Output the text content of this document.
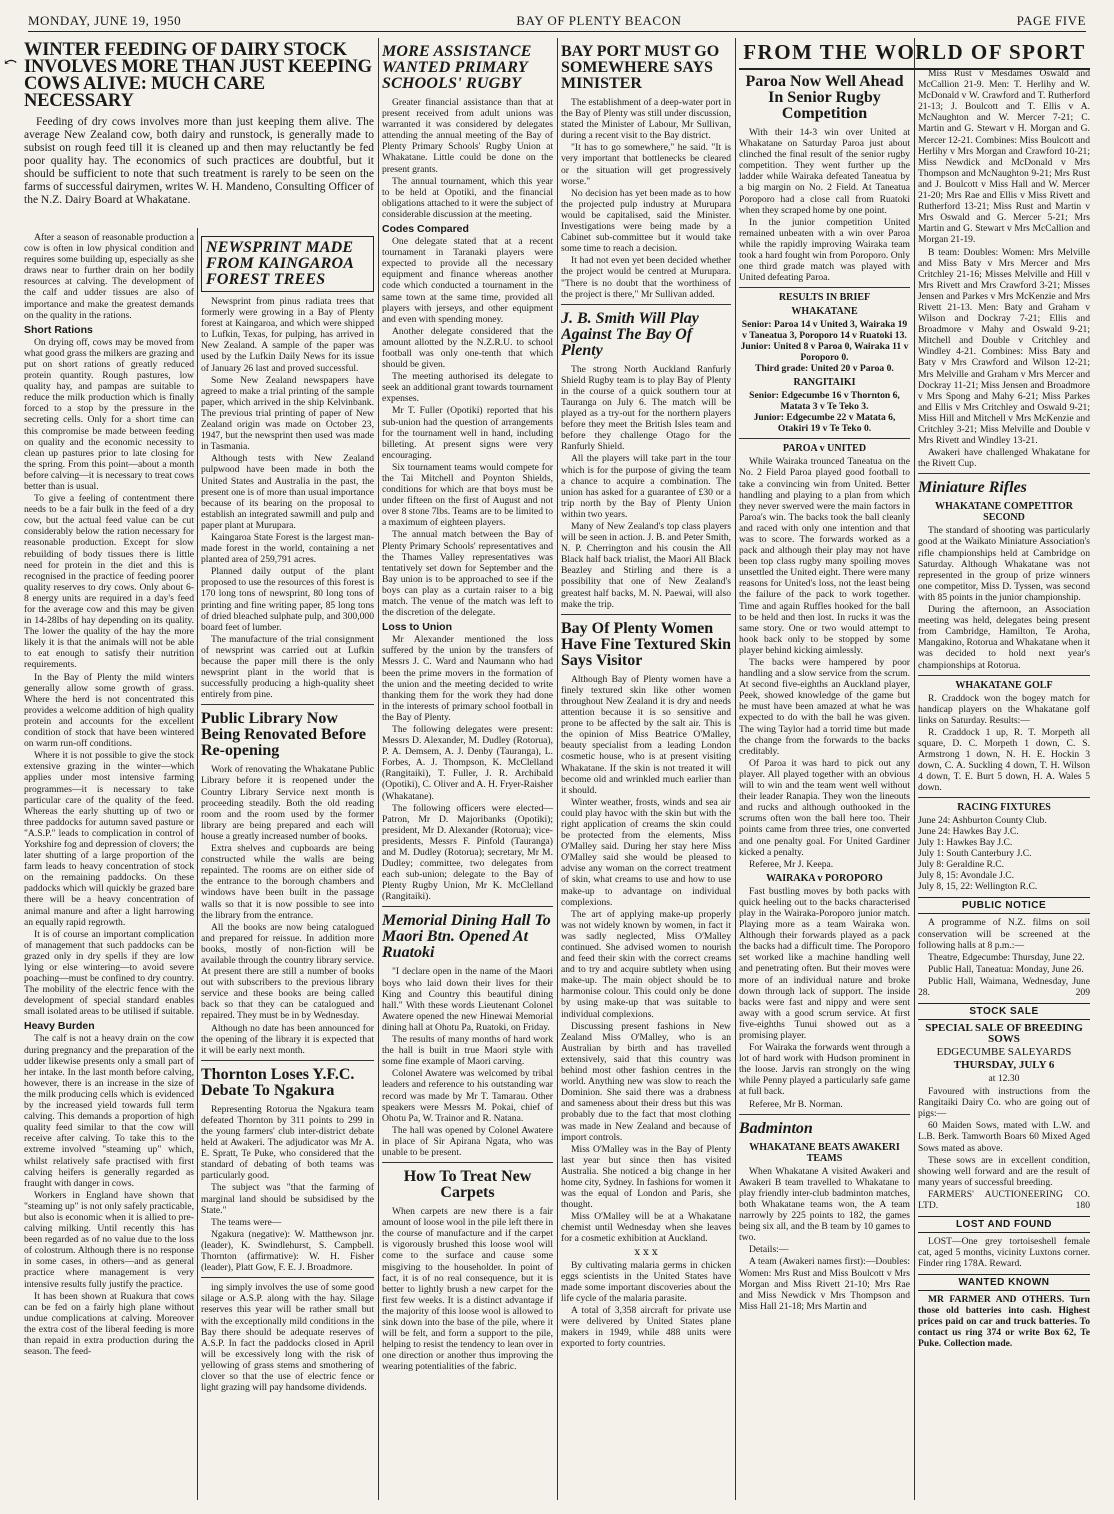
MONDAY, JUNE 19, 1950	BAY OF PLENTY BEACON	PAGE FIVE
⤺
WINTER FEEDING OF DAIRY STOCK INVOLVES MORE THAN JUST KEEPING COWS ALIVE: MUCH CARE NECESSARY

Feeding of dry cows involves more than just keeping them alive. The average New Zealand cow, both dairy and runstock, is generally made to subsist on rough feed till it is cleaned up and then may reluctantly be fed poor quality hay. The economics of such practices are doubtful, but it should be sufficient to note that such treatment is rarely to be seen on the farms of successful dairymen, writes W. H. Mandeno, Consulting Officer of the N.Z. Dairy Board at Whakatane.

After a season of reasonable production a cow is often in low physical condition and requires some building up, especially as she draws near to further drain on her bodily resources at calving. The development of the calf and udder tissues are also of importance and make the greatest demands on the quality in the rations.

Short Rations

On drying off, cows may be moved from what good grass the milkers are grazing and put on short rations of greatly reduced protein quantity. Rough pastures, low quality hay, and pampas are suitable to reduce the milk production which is finally forced to a stop by the pressure in the secreting cells. Only for a short time can this compromise be made between feeding on quality and the economic necessity to clean up pastures prior to late closing for the spring. From this point—about a month before calving—it is necessary to treat cows better than is usual.

To give a feeling of contentment there needs to be a fair bulk in the feed of a dry cow, but the actual feed value can be cut considerably below the ration necessary for reasonable production. Except for slow rebuilding of body tissues there is little need for protein in the diet and this is recognised in the practice of feeding poorer quality reserves to dry cows. Only about 6-8 energy units are required in a day's feed for the average cow and this may be given in 14-28lbs of hay depending on its quality. The lower the quality of the hay the more likely it is that the animals will not be able to eat enough to satisfy their nutrition requirements.

In the Bay of Plenty the mild winters generally allow some growth of grass. Where the herd is not concentrated this provides a welcome addition of high quality protein and accounts for the excellent condition of stock that have been wintered on warm run-off conditions.

Where it is not possible to give the stock extensive grazing in the winter—which applies under most intensive farming programmes—it is necessary to take particular care of the quality of the feed. Whereas the early shutting up of two or three paddocks for autumn saved pasture or "A.S.P." leads to complication in control of Yorkshire fog and depression of clovers; the later shutting of a large proportion of the farm leads to heavy concentration of stock on the remaining paddocks. On these paddocks which will quickly be grazed bare there will be a heavy concentration of animal manure and after a light harrowing an equally rapid regrowth.

It is of course an important complication of management that such paddocks can be grazed only in dry spells if they are low lying or else wintering—to avoid severe poaching—must be confined to dry country. The mobility of the electric fence with the development of special standard enables small isolated areas to be utilised if suitable.

Heavy Burden

The calf is not a heavy drain on the cow during pregnancy and the preparation of the udder likewise presents only a small part of her intake. In the last month before calving, however, there is an increase in the size of the milk producing cells which is evidenced by the increased yield towards full term calving. This demands a proportion of high quality feed similar to that the cow will receive after calving. To take this to the extreme involved "steaming up" which, whilst relatively safe practised with first calving heifers is generally regarded as fraught with danger in cows.

Workers in England have shown that "steaming up" is not only safely practicable, but also is economic when it is allied to pre-calving milking. Until recently this has been regarded as of no value due to the loss of colostrum. Although there is no response in some cases, in others—and as general practice where management is very intensive results fully justify the practice.

It has been shown at Ruakura that cows can be fed on a fairly high plane without undue complications at calving. Moreover the extra cost of the liberal feeding is more than repaid in extra production during the season. The feed-

NEWSPRINT MADE FROM KAINGAROA FOREST TREES

Newsprint from pinus radiata trees that formerly were growing in a Bay of Plenty forest at Kaingaroa, and which were shipped to Lufkin, Texas, for pulping, has arrived in New Zealand. A sample of the paper was used by the Lufkin Daily News for its issue of January 26 last and proved successful.

Some New Zealand newspapers have agreed to make a trial printing of the sample paper, which arrived in the ship Kelvinbank. The previous trial printing of paper of New Zealand origin was made on October 23, 1947, but the newsprint then used was made in Tasmania.

Although tests with New Zealand pulpwood have been made in both the United States and Australia in the past, the present one is of more than usual importance because of its bearing on the proposal to establish an integrated sawmill and pulp and paper plant at Murupara.

Kaingaroa State Forest is the largest man-made forest in the world, containing a net planted area of 259,791 acres.

Planned daily output of the plant proposed to use the resources of this forest is 170 long tons of newsprint, 80 long tons of printing and fine writing paper, 85 long tons of dried bleached sulphate pulp, and 300,000 board feet of lumber.

The manufacture of the trial consignment of newsprint was carried out at Lufkin because the paper mill there is the only newsprint plant in the world that is successfully producing a high-quality sheet entirely from pine.

Public Library Now Being Renovated Before Re-opening

Work of renovating the Whakatane Public Library before it is reopened under the Country Library Service next month is proceeding steadily. Both the old reading room and the room used by the former library are being prepared and each will house a greatly increased number of books.

Extra shelves and cupboards are being constructed while the walls are being repainted. The rooms are on either side of the entrance to the borough chambers and windows have been built in the passage walls so that it is now possible to see into the library from the entrance.

All the books are now being catalogued and prepared for reissue. In addition more books, mostly of non-fiction will be available through the country library service. At present there are still a number of books out with subscribers to the previous library service and these books are being called back so that they can be catalogued and repaired. They must be in by Wednesday.

Although no date has been announced for the opening of the library it is expected that it will be early next month.

Thornton Loses Y.F.C. Debate To Ngakura

Representing Rotorua the Ngakura team defeated Thornton by 311 points to 299 in the young farmers' club inter-district debate held at Awakeri. The adjudicator was Mr A. E. Spratt, Te Puke, who considered that the standard of debating of both teams was particularly good.

The subject was "that the farming of marginal land should be subsidised by the State."

The teams were—

Ngakura (negative): W. Matthewson jnr. (leader), K. Swindlehurst, S. Campbell. Thornton (affirmative): W. H. Fisher (leader), Platt Gow, F. E. J. Broadmore.

ing simply involves the use of some good silage or A.S.P. along with the hay. Silage reserves this year will be rather small but with the exceptionally mild conditions in the Bay there should be adequate reserves of A.S.P. In fact the paddocks closed in April will be excessively long with the risk of yellowing of grass stems and smothering of clover so that the use of electric fence or light grazing will pay handsome dividends.

MORE ASSISTANCE WANTED PRIMARY SCHOOLS' RUGBY

Greater financial assistance than that at present received from adult unions was warranted it was considered by delegates attending the annual meeting of the Bay of Plenty Primary Schools' Rugby Union at Whakatane. Little could be done on the present grants.

The annual tournament, which this year to be held at Opotiki, and the financial obligations attached to it were the subject of considerable discussion at the meeting.

Codes Compared

One delegate stated that at a recent tournament in Taranaki players were expected to provide all the necessary equipment and finance whereas another code which conducted a tournament in the same town at the same time, provided all players with jerseys, and other equipment and even with spending money.

Another delegate considered that the amount allotted by the N.Z.R.U. to school football was only one-tenth that which should be given.

The meeting authorised its delegate to seek an additional grant towards tournament expenses.

Mr T. Fuller (Opotiki) reported that his sub-union had the question of arrangements for the tournament well in hand, including billeting. At present signs were very encouraging.

Six tournament teams would compete for the Tai Mitchell and Poynton Shields, conditions for which are that boys must be under fifteen on the first of August and not over 8 stone 7lbs. Teams are to be limited to a maximum of eighteen players.

The annual match between the Bay of Plenty Primary Schools' representatives and the Thames Valley representatives was tentatively set down for September and the Bay union is to be approached to see if the boys can play as a curtain raiser to a big match. The venue of the match was left to the discretion of the delegate.

Loss to Union

Mr Alexander mentioned the loss suffered by the union by the transfers of Messrs J. C. Ward and Naumann who had been the prime movers in the formation of the union and the meeting decided to write thanking them for the work they had done in the interests of primary school football in the Bay of Plenty.

The following delegates were present: Messrs D. Alexander, M. Dudley (Rotorua), P. A. Demsem, A. J. Denby (Tauranga), L. Forbes, A. J. Thompson, K. McClelland (Rangitaiki), T. Fuller, J. R. Archibald (Opotiki), C. Oliver and A. H. Fryer-Raisher (Whakatane).

The following officers were elected—Patron, Mr D. Majoribanks (Opotiki); president, Mr D. Alexander (Rotorua); vice-presidents, Messrs F. Pinfold (Tauranga) and M. Dudley (Rotorua); secretary, Mr M. Dudley; committee, two delegates from each sub-union; delegate to the Bay of Plenty Rugby Union, Mr K. McClelland (Rangitaiki).

Memorial Dining Hall To Maori Btn. Opened At Ruatoki

"I declare open in the name of the Maori boys who laid down their lives for their King and Country this beautiful dining hall." With these words Lieutenant Colonel Awatere opened the new Hinewai Memorial dining hall at Ohotu Pa, Ruatoki, on Friday.

The results of many months of hard work the hall is built in true Maori style with some fine example of Maori carving.

Colonel Awatere was welcomed by tribal leaders and reference to his outstanding war record was made by Mr T. Tamarau. Other speakers were Messrs M. Pokai, chief of Ohotu Pa, W. Trainor and R. Natana.

The hall was opened by Colonel Awatere in place of Sir Apirana Ngata, who was unable to be present.

How To Treat New Carpets

When carpets are new there is a fair amount of loose wool in the pile left there in the course of manufacture and if the carpet is vigorously brushed this loose wool will come to the surface and cause some misgiving to the householder. In point of fact, it is of no real consequence, but it is better to lightly brush a new carpet for the first few weeks. It is a distinct advantage if the majority of this loose wool is allowed to sink down into the base of the pile, where it will be felt, and form a support to the pile, helping to resist the tendency to lean over in one direction or another thus improving the wearing potentialities of the fabric.

BAY PORT MUST GO SOMEWHERE SAYS MINISTER

The establishment of a deep-water port in the Bay of Plenty was still under discussion, stated the Minister of Labour, Mr Sullivan, during a recent visit to the Bay district.

"It has to go somewhere," he said. "It is very important that bottlenecks be cleared or the situation will get progressively worse."

No decision has yet been made as to how the projected pulp industry at Murupara would be capitalised, said the Minister. Investigations were being made by a Cabinet sub-committee but it would take some time to reach a decision.

It had not even yet been decided whether the project would be centred at Murupara. "There is no doubt that the worthiness of the project is there," Mr Sullivan added.

J. B. Smith Will Play Against The Bay Of Plenty

The strong North Auckland Ranfurly Shield Rugby team is to play Bay of Plenty in the course of a quick southern tour at Tauranga on July 6. The match will be played as a try-out for the northern players before they meet the British Isles team and before they challenge Otago for the Ranfurly Shield.

All the players will take part in the tour which is for the purpose of giving the team a chance to acquire a combination. The union has asked for a guarantee of £30 or a trip north by the Bay of Plenty Union within two years.

Many of New Zealand's top class players will be seen in action. J. B. and Peter Smith, N. P. Cherrington and his cousin the All Black half back trialist, the Maori All Black Beazley and Stirling and there is a possibility that one of New Zealand's greatest half backs, M. N. Paewai, will also make the trip.

Bay Of Plenty Women Have Fine Textured Skin Says Visitor

Although Bay of Plenty women have a finely textured skin like other women throughout New Zealand it is dry and needs attention because it is so sensitive and prone to be affected by the salt air. This is the opinion of Miss Beatrice O'Malley, beauty specialist from a leading London cosmetic house, who is at present visiting Whakatane. If the skin is not treated it will become old and wrinkled much earlier than it should.

Winter weather, frosts, winds and sea air could play havoc with the skin but with the right application of creams the skin could be protected from the elements, Miss O'Malley said. During her stay here Miss O'Malley said she would be pleased to advise any woman on the correct treatment of skin, what creams to use and how to use make-up to advantage on individual complexions.

The art of applying make-up properly was not widely known by women, in fact it was sadly neglected, Miss O'Malley continued. She advised women to nourish and feed their skin with the correct creams and to try and acquire subtlety when using make-up. The main object should be to harmonise colour. This could only be done by using make-up that was suitable to individual complexions.

Discussing present fashions in New Zealand Miss O'Malley, who is an Australian by birth and has travelled extensively, said that this country was behind most other fashion centres in the world. Anything new was slow to reach the Dominion. She said there was a drabness and sameness about their dress but this was probably due to the fact that most clothing was made in New Zealand and because of import controls.

Miss O'Malley was in the Bay of Plenty last year but since then has visited Australia. She noticed a big change in her home city, Sydney. In fashions for women it was the equal of London and Paris, she thought.

Miss O'Malley will be at a Whakatane chemist until Wednesday when she leaves for a cosmetic exhibition at Auckland.

x x x

By cultivating malaria germs in chicken eggs scientists in the United States have made some important discoveries about the life cycle of the malaria parasite.

A total of 3,358 aircraft for private use were delivered by United States plane makers in 1949, while 488 units were exported to forty countries.

FROM THE WORLD OF SPORT
Paroa Now Well Ahead In Senior Rugby Competition

With their 14-3 win over United at Whakatane on Saturday Paroa just about clinched the final result of the senior rugby competition. They went further up the ladder while Wairaka defeated Taneatua by a big margin on No. 2 Field. At Taneatua Poroporo had a close call from Ruatoki when they scraped home by one point.

In the junior competition United remained unbeaten with a win over Paroa while the rapidly improving Wairaka team took a hard fought win from Poroporo. Only one third grade match was played with United defeating Paroa.

RESULTS IN BRIEF
WHAKATANE
Senior: Paroa 14 v United 3, Wairaka 19 v Taneatua 3, Poroporo 14 v Ruatoki 13.
Junior: United 8 v Paroa 0, Wairaka 11 v Poroporo 0.
Third grade: United 20 v Paroa 0.
RANGITAIKI
Senior: Edgecumbe 16 v Thornton 6, Matata 3 v Te Teko 3.
Junior: Edgecumbe 22 v Matata 6, Otakiri 19 v Te Teko 0.
PAROA v UNITED

While Wairaka trounced Taneatua on the No. 2 Field Paroa played good football to take a convincing win from United. Better handling and playing to a plan from which they never swerved were the main factors in Paroa's win. The backs took the ball cleanly and raced with only one intention and that was to score. The forwards worked as a pack and although their play may not have been top class rugby many spoiling moves unsettled the United eight. There were many reasons for United's loss, not the least being the failure of the pack to work together. Time and again Ruffles hooked for the ball to be held and then lost. In rucks it was the same story. One or two would attempt to hook back only to be stopped by some player behind kicking aimlessly.

The backs were hampered by poor handling and a slow service from the scrum. At second five-eighths an Auckland player, Peek, showed knowledge of the game but he must have been amazed at what he was expected to do with the ball he was given. The wing Taylor had a torrid time but made the change from the forwards to the backs creditably.

Of Paroa it was hard to pick out any player. All played together with an obvious will to win and the team went well without their leader Ranapia. They won the lineouts and rucks and although outhooked in the scrums often won the ball here too. Their points came from three tries, one converted and one penalty goal. For United Gardiner kicked a penalty.

Referee, Mr J. Keepa.

WAIRAKA v POROPORO

Fast bustling moves by both packs with quick heeling out to the backs characterised play in the Wairaka-Poroporo junior match. Playing more as a team Wairaka won. Although their forwards played as a pack the backs had a difficult time. The Poroporo set worked like a machine handling well and penetrating often. But their moves were more of an individual nature and broke down through lack of support. The inside backs were fast and nippy and were sent away with a good scrum service. At first five-eighths Tunui showed out as a promising player.

For Wairaka the forwards went through a lot of hard work with Hudson prominent in the loose. Jarvis ran strongly on the wing while Penny played a particularly safe game at full back.

Referee, Mr B. Norman.

Badminton
WHAKATANE BEATS AWAKERI TEAMS

When Whakatane A visited Awakeri and Awakeri B team travelled to Whakatane to play friendly inter-club badminton matches, both Whakatane teams won, the A team narrowly by 225 points to 182, the games being six all, and the B team by 10 games to two.

Details:—

A team (Awakeri names first):—Doubles: Women: Mrs Rust and Miss Boulcott v Mrs Morgan and Miss Rivett 21-10; Mrs Rae and Miss Newdick v Mrs Thompson and Miss Hall 21-18; Mrs Martin and

Miss Rust v Mesdames Oswald and McCallion 21-9. Men: T. Herlihy and W. McDonald v W. Crawford and T. Rutherford 21-13; J. Boulcott and T. Ellis v A. McNaughton and W. Mercer 7-21; C. Martin and G. Stewart v H. Morgan and G. Mercer 12-21. Combines: Miss Boulcott and Herlihy v Mrs Morgan and Crawford 10-21; Miss Newdick and McDonald v Mrs Thompson and McNaughton 9-21; Mrs Rust and J. Boulcott v Miss Hall and W. Mercer 21-20; Mrs Rae and Ellis v Miss Rivett and Rutherford 13-21; Miss Rust and Martin v Mrs Oswald and G. Mercer 5-21; Mrs Martin and G. Stewart v Mrs McCallion and Morgan 21-19.

B team: Doubles: Women: Mrs Melville and Miss Baty v Mrs Mercer and Mrs Critchley 21-16; Misses Melville and Hill v Mrs Rivett and Mrs Crawford 3-21; Misses Jensen and Parkes v Mrs McKenzie and Mrs Rivett 21-13. Men: Baty and Graham v Wilson and Dockray 7-21; Ellis and Broadmore v Mahy and Oswald 9-21; Mitchell and Double v Critchley and Windley 4-21. Combines: Miss Baty and Baty v Mrs Crawford and Wilson 12-21; Mrs Melville and Graham v Mrs Mercer and Dockray 11-21; Miss Jensen and Broadmore v Mrs Spong and Mahy 6-21; Miss Parkes and Ellis v Mrs Critchley and Oswald 9-21; Miss Hill and Mitchell v Mrs McKenzie and Critchley 3-21; Miss Melville and Double v Mrs Rivett and Windley 13-21.

Awakeri have challenged Whakatane for the Rivett Cup.

Miniature Rifles
WHAKATANE COMPETITOR SECOND

The standard of shooting was particularly good at the Waikato Miniature Association's rifle championships held at Cambridge on Saturday. Although Whakatane was not represented in the group of prize winners one competitor, Miss D. Tyssen, was second with 85 points in the junior championship.

During the afternoon, an Association meeting was held, delegates being present from Cambridge, Hamilton, Te Aroha, Mangakino, Rotorua and Whakatane when it was decided to hold next year's championships at Rotorua.

WHAKATANE GOLF

R. Craddock won the bogey match for handicap players on the Whakatane golf links on Saturday. Results:—

R. Craddock 1 up, R. T. Morpeth all square, D. C. Morpeth 1 down, C. S. Armstrong 1 down, N. H. E. Hockin 3 down, C. A. Suckling 4 down, T. H. Wilson 4 down, T. E. Burt 5 down, H. A. Wales 5 down.

RACING FIXTURES
June 24: Ashburton County Club.
June 24: Hawkes Bay J.C.
July 1: Hawkes Bay J.C.
July 1: South Canterbury J.C.
July 8: Geraldine R.C.
July 8, 15: Avondale J.C.
July 8, 15, 22: Wellington R.C.
PUBLIC NOTICE

A programme of N.Z. films on soil conservation will be screened at the following halls at 8 p.m.:—

Theatre, Edgecumbe: Thursday, June 22.

Public Hall, Taneatua: Monday, June 26.

Public Hall, Waimana, Wednesday, June 28.	209

STOCK SALE
SPECIAL SALE OF BREEDING SOWS
EDGECUMBE SALEYARDS
THURSDAY, JULY 6
at 12.30

Favoured with instructions from the Rangitaiki Dairy Co. who are going out of pigs:—

60 Maiden Sows, mated with L.W. and L.B. Berk. Tamworth Boars 60 Mixed Aged Sows mated as above.

These sows are in excellent condition, showing well forward and are the result of many years of successful breeding.

FARMERS' AUCTIONEERING CO. LTD.	180

LOST AND FOUND

LOST—One grey tortoiseshell female cat, aged 5 months, vicinity Luxtons corner. Finder ring 178A. Reward.

WANTED KNOWN

MR FARMER AND OTHERS. Turn those old batteries into cash. Highest prices paid on car and truck batteries. To contact us ring 374 or write Box 62, Te Puke. Collection made.
